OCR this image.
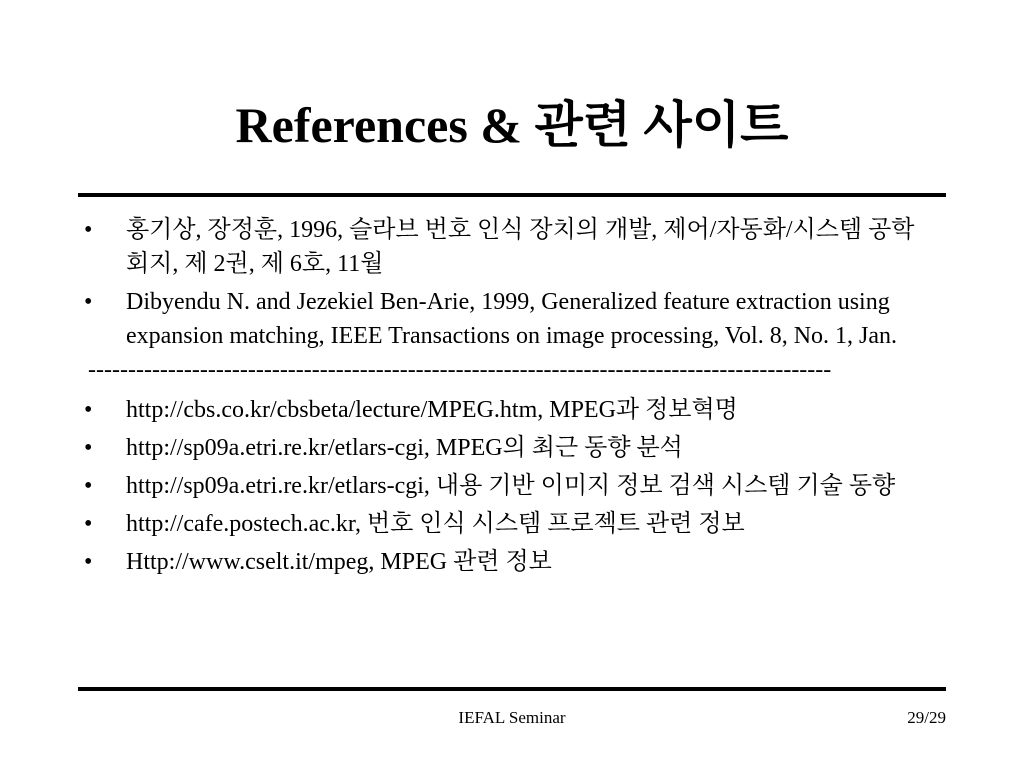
References & 관련 사이트
•	홍기상, 장정훈, 1996, 슬라브 번호 인식 장치의 개발, 제어/자동화/시스템 공학회지, 제 2권, 제 6호, 11월
•	Dibyendu N. and Jezekiel Ben-Arie, 1999, Generalized feature extraction using expansion matching, IEEE Transactions on image processing, Vol. 8, No. 1, Jan.
---------------------------------------------------------------------------------------------
•	http://cbs.co.kr/cbsbeta/lecture/MPEG.htm, MPEG과 정보혁명
•	http://sp09a.etri.re.kr/etlars-cgi, MPEG의 최근 동향 분석
•	http://sp09a.etri.re.kr/etlars-cgi, 내용 기반 이미지 정보 검색 시스템 기술 동향
•	http://cafe.postech.ac.kr, 번호 인식 시스템 프로젝트 관련 정보
•	Http://www.cselt.it/mpeg, MPEG 관련 정보
IEFAL Seminar	29/29
